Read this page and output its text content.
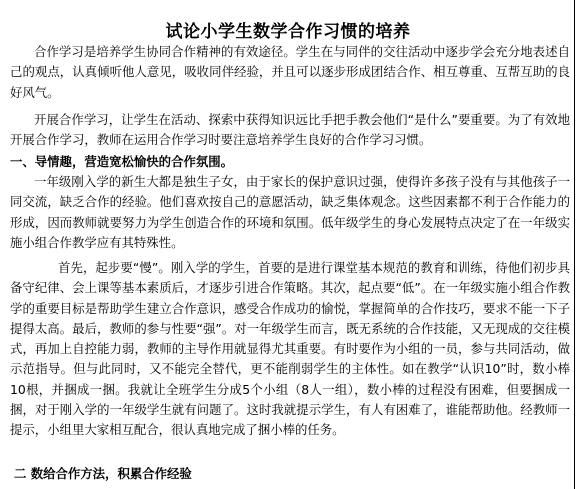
试论小学生数学合作习惯的培养

合作学习是培养学生协同合作精神的有效途径。学生在与同伴的交往活动中逐步学会充分地表述自己的观点，认真倾听他人意见，吸收同伴经验，并且可以逐步形成团结合作、相互尊重、互帮互助的良好风气。

开展合作学习，让学生在活动、探索中获得知识远比手把手教会他们“是什么”要重要。为了有效地开展合作学习，教师在运用合作学习时要注意培养学生良好的合作学习习惯。

一、导情趣，营造宽松愉快的合作氛围。

一年级刚入学的新生大都是独生子女，由于家长的保护意识过强，使得许多孩子没有与其他孩子一同交流，缺乏合作的经验。他们喜欢按自己的意愿活动，缺乏集体观念。这些因素都不利于合作能力的形成，因而教师就要努力为学生创造合作的环境和氛围。低年级学生的身心发展特点决定了在一年级实施小组合作教学应有其特殊性。

首先，起步要“慢”。刚入学的学生，首要的是进行课堂基本规范的教育和训练，待他们初步具备守纪律、会上课等基本素质后，才逐步引进合作策略。其次，起点要“低”。在一年级实施小组合作教学的重要目标是帮助学生建立合作意识，感受合作成功的愉悦，掌握简单的合作技巧，要求不能一下子提得太高。最后，教师的参与性要“强”。对一年级学生而言，既无系统的合作技能，又无现成的交往模式，再加上自控能力弱，教师的主导作用就显得尤其重要。有时要作为小组的一员，参与共同活动，做示范指导。但与此同时，又不能完全替代，更不能削弱学生的主体性。如在教学“认识10”时，数小棒10根，并捆成一捆。我就让全班学生分成5个小组（8人一组），数小棒的过程没有困难，但要捆成一捆，对于刚入学的一年级学生就有问题了。这时我就提示学生，有人有困难了，谁能帮助他。经教师一提示，小组里大家相互配合，很认真地完成了捆小棒的任务。

二 数给合作方法，积累合作经验
